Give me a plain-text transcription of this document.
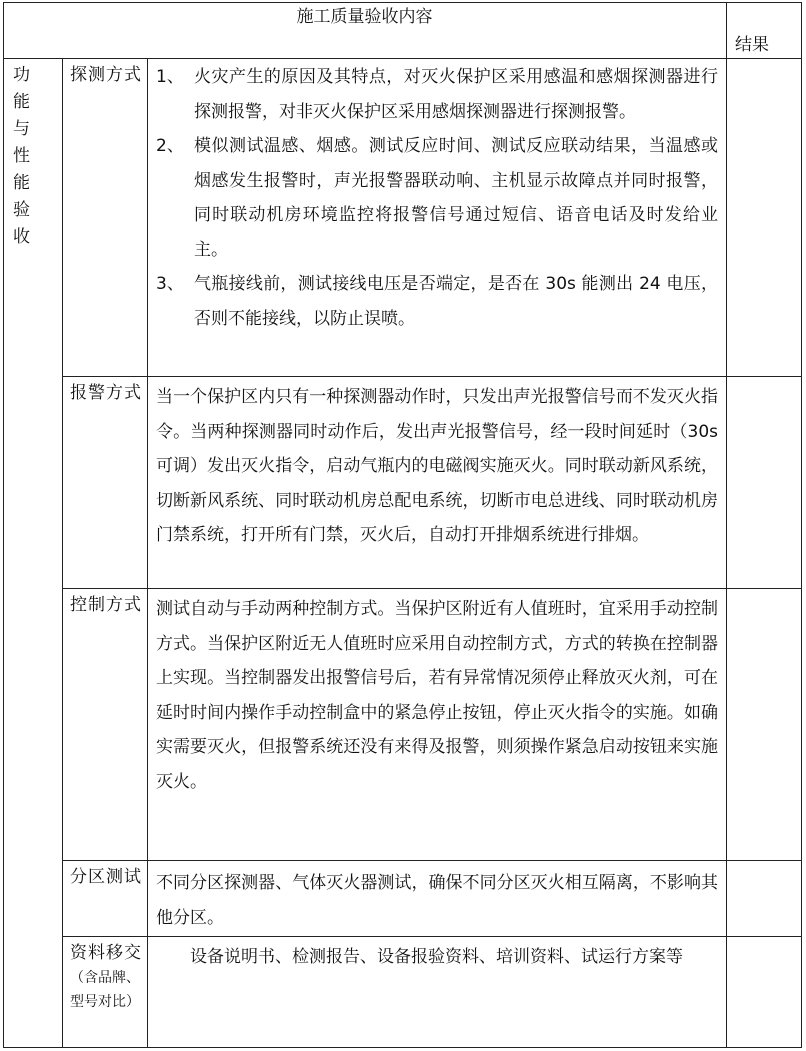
施工质量验收内容
结果
功能与性能验收
探测方式 1、 火灾产生的原因及其特点，对灭火保护区采用感温和感烟探测器进行探测报警，对非灭火保护区采用感烟探测器进行探测报警。
2、 模似测试温感、烟感。测试反应时间、测试反应联动结果，当温感或烟感发生报警时，声光报警器联动响、主机显示故障点并同时报警，同时联动机房环境监控将报警信号通过短信、语音电话及时发给业主。
3、 气瓶接线前，测试接线电压是否端定，是否在 30s 能测出 24 电压，否则不能接线，以防止误喷。
报警方式 当一个保护区内只有一种探测器动作时，只发出声光报警信号而不发灭火指令。当两种探测器同时动作后，发出声光报警信号，经一段时间延时（30s 可调）发出灭火指令，启动气瓶内的电磁阀实施灭火。同时联动新风系统，切断新风系统、同时联动机房总配电系统，切断市电总进线、同时联动机房门禁系统，打开所有门禁，灭火后，自动打开排烟系统进行排烟。
控制方式 测试自动与手动两种控制方式。当保护区附近有人值班时，宜采用手动控制方式。当保护区附近无人值班时应采用自动控制方式，方式的转换在控制器上实现。当控制器发出报警信号后，若有异常情况须停止释放灭火剂，可在延时时间内操作手动控制盒中的紧急停止按钮，停止灭火指令的实施。如确实需要灭火，但报警系统还没有来得及报警，则须操作紧急启动按钮来实施灭火。
分区测试 不同分区探测器、气体灭火器测试，确保不同分区灭火相互隔离，不影响其他分区。
资料移交（含品牌、型号对比）
设备说明书、检测报告、设备报验资料、培训资料、试运行方案等
